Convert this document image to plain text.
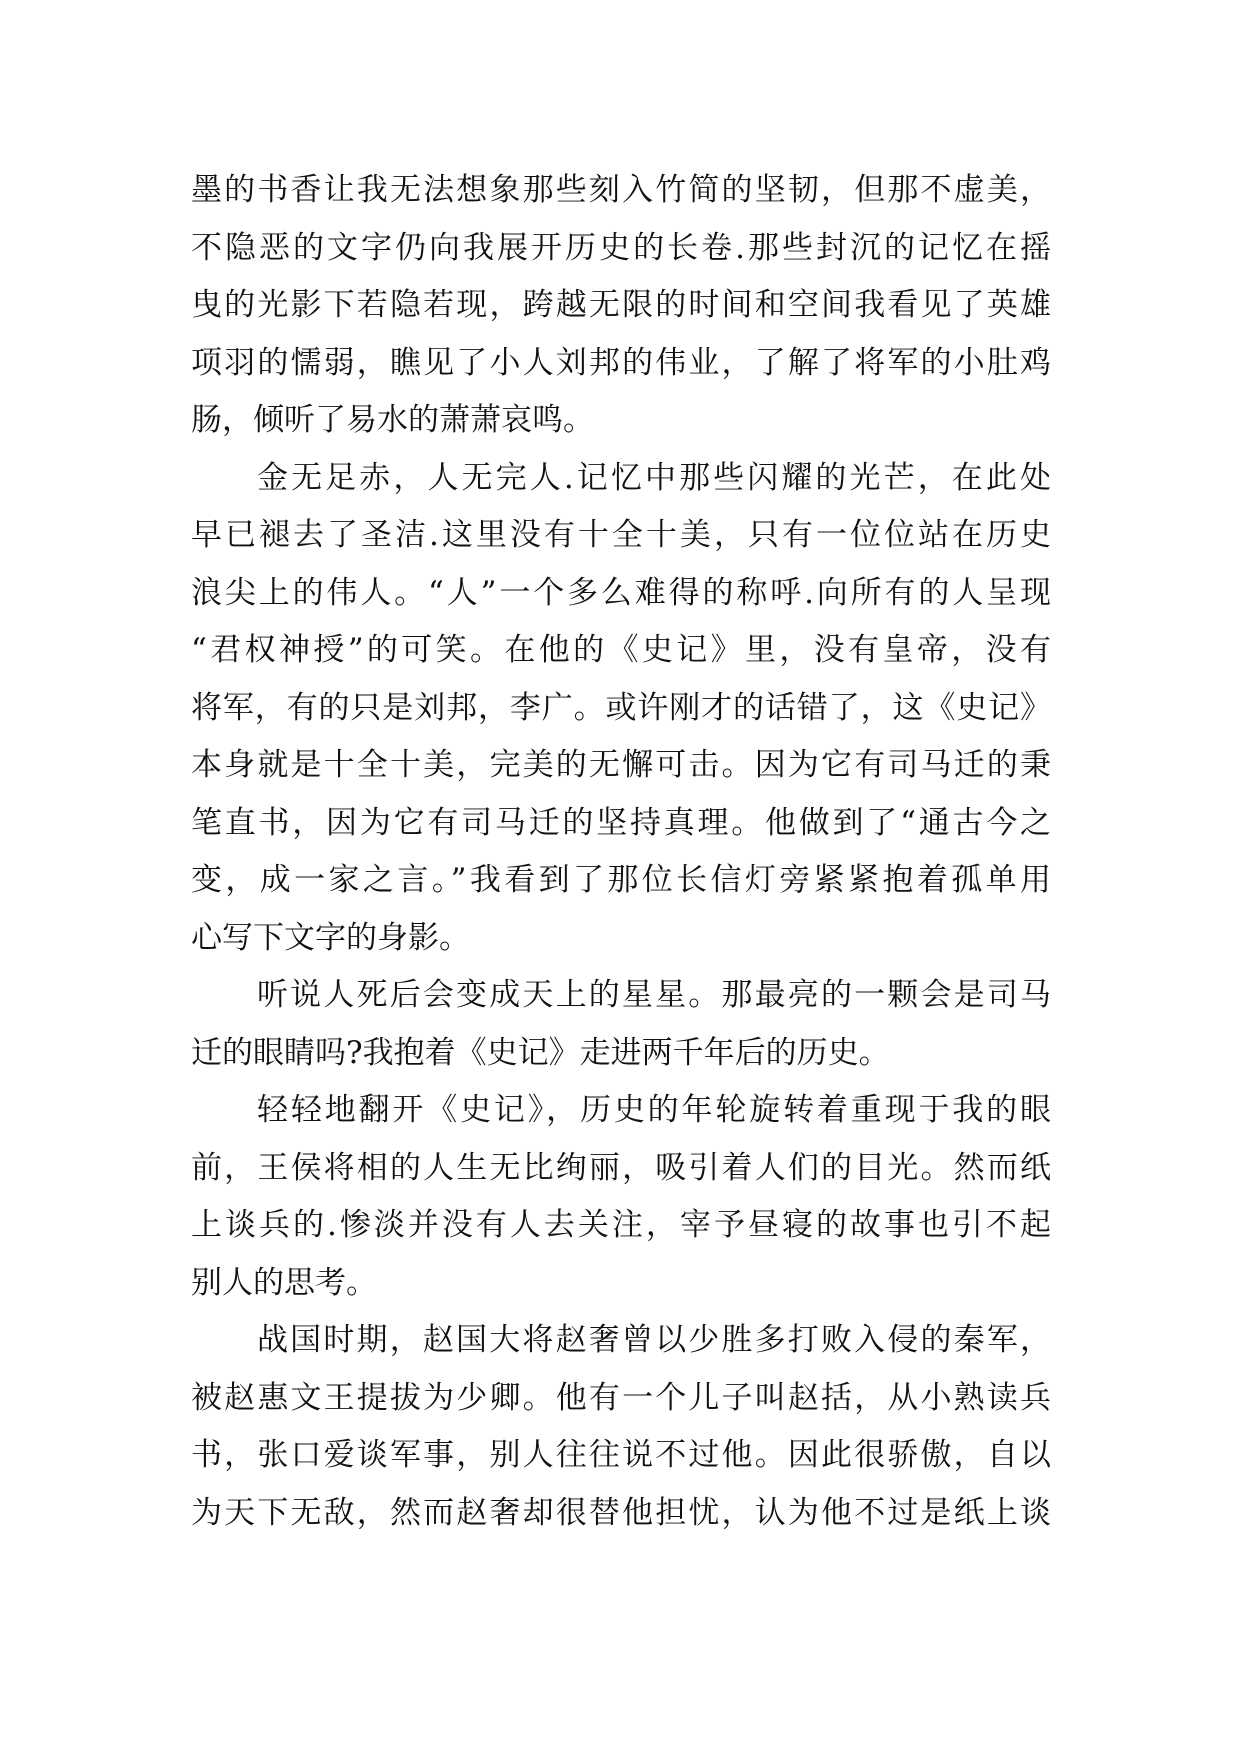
墨的书香让我无法想象那些刻入竹简的坚韧，但那不虚美，
不隐恶的文字仍向我展开历史的长卷.那些封沉的记忆在摇
曳的光影下若隐若现，跨越无限的时间和空间我看见了英雄
项羽的懦弱，瞧见了小人刘邦的伟业，了解了将军的小肚鸡
肠，倾听了易水的萧萧哀鸣。
金无足赤，人无完人.记忆中那些闪耀的光芒，在此处
早已褪去了圣洁.这里没有十全十美，只有一位位站在历史
浪尖上的伟人。“人”一个多么难得的称呼.向所有的人呈现
“君权神授”的可笑。在他的《史记》里，没有皇帝，没有
将军，有的只是刘邦，李广。或许刚才的话错了，这《史记》
本身就是十全十美，完美的无懈可击。因为它有司马迁的秉
笔直书，因为它有司马迁的坚持真理。他做到了“通古今之
变，成一家之言。”我看到了那位长信灯旁紧紧抱着孤单用
心写下文字的身影。
听说人死后会变成天上的星星。那最亮的一颗会是司马
迁的眼睛吗?我抱着《史记》走进两千年后的历史。
轻轻地翻开《史记》，历史的年轮旋转着重现于我的眼
前，王侯将相的人生无比绚丽，吸引着人们的目光。然而纸
上谈兵的.惨淡并没有人去关注，宰予昼寝的故事也引不起
别人的思考。
战国时期，赵国大将赵奢曾以少胜多打败入侵的秦军，
被赵惠文王提拔为少卿。他有一个儿子叫赵括，从小熟读兵
书，张口爱谈军事，别人往往说不过他。因此很骄傲，自以
为天下无敌，然而赵奢却很替他担忧，认为他不过是纸上谈
